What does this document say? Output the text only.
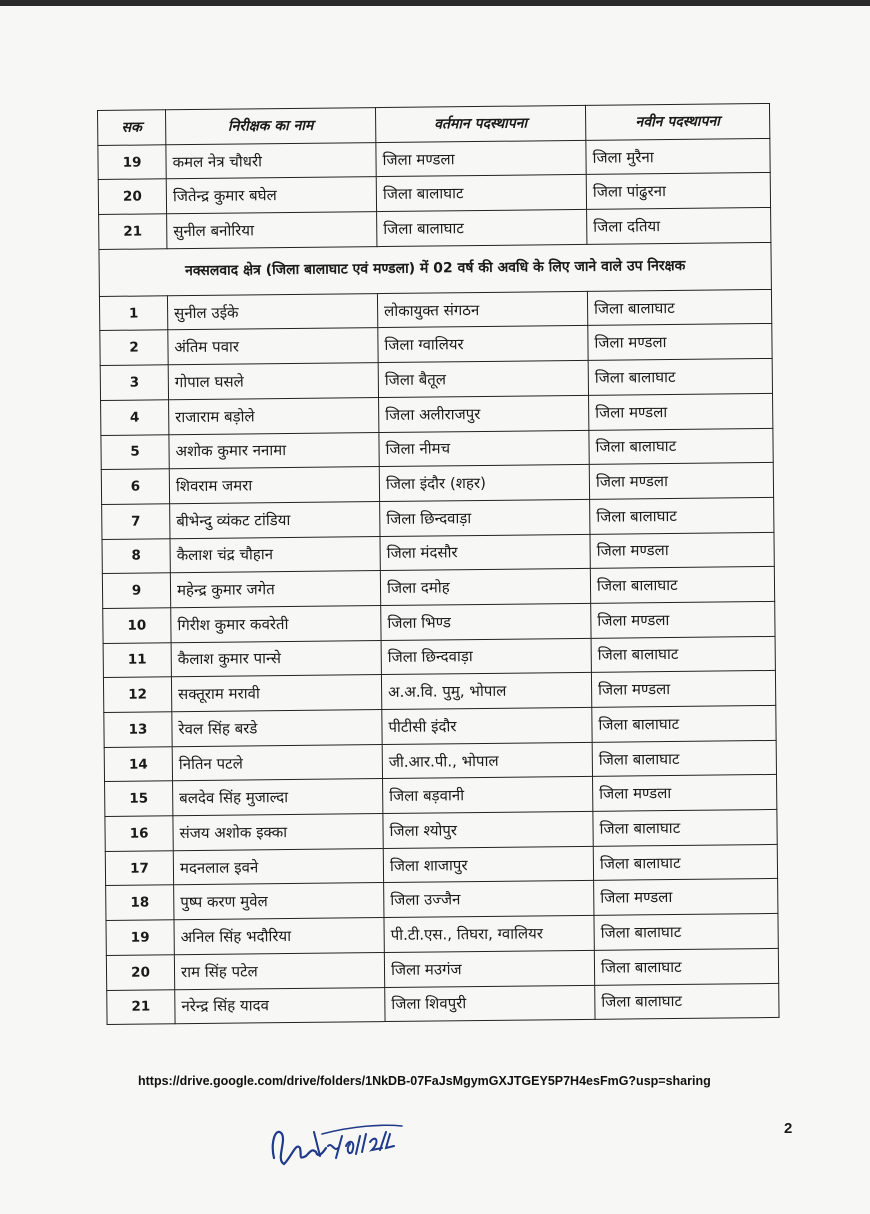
सक	निरीक्षक का नाम	वर्तमान पदस्थापना	नवीन पदस्थापना
19	कमल नेत्र चौधरी	जिला मण्डला	जिला मुरैना
20	जितेन्द्र कुमार बघेल	जिला बालाघाट	जिला पांढुरना
21	सुनील बनोरिया	जिला बालाघाट	जिला दतिया
नक्सलवाद क्षेत्र (जिला बालाघाट एवं मण्डला) में 02 वर्ष की अवधि के लिए जाने वाले उप निरक्षक			
1	सुनील उईके	लोकायुक्त संगठन	जिला बालाघाट
2	अंतिम पवार	जिला ग्वालियर	जिला मण्डला
3	गोपाल घसले	जिला बैतूल	जिला बालाघाट
4	राजाराम बड़ोले	जिला अलीराजपुर	जिला मण्डला
5	अशोक कुमार ननामा	जिला नीमच	जिला बालाघाट
6	शिवराम जमरा	जिला इंदौर (शहर)	जिला मण्डला
7	बीभेन्दु व्यंकट टांडिया	जिला छिन्दवाड़ा	जिला बालाघाट
8	कैलाश चंद्र चौहान	जिला मंदसौर	जिला मण्डला
9	महेन्द्र कुमार जगेत	जिला दमोह	जिला बालाघाट
10	गिरीश कुमार कवरेती	जिला भिण्ड	जिला मण्डला
11	कैलाश कुमार पान्से	जिला छिन्दवाड़ा	जिला बालाघाट
12	सक्तूराम मरावी	अ.अ.वि. पुमु, भोपाल	जिला मण्डला
13	रेवल सिंह बरडे	पीटीसी इंदौर	जिला बालाघाट
14	नितिन पटले	जी.आर.पी., भोपाल	जिला बालाघाट
15	बलदेव सिंह मुजाल्दा	जिला बड़वानी	जिला मण्डला
16	संजय अशोक इक्का	जिला श्योपुर	जिला बालाघाट
17	मदनलाल इवने	जिला शाजापुर	जिला बालाघाट
18	पुष्प करण मुवेल	जिला उज्जैन	जिला मण्डला
19	अनिल सिंह भदौरिया	पी.टी.एस., तिघरा, ग्वालियर	जिला बालाघाट
20	राम सिंह पटेल	जिला मउगंज	जिला बालाघाट
21	नरेन्द्र सिंह यादव	जिला शिवपुरी	जिला बालाघाट
https://drive.google.com/drive/folders/1NkDB-07FaJsMgymGXJTGEY5P7H4esFmG?usp=sharing
2
